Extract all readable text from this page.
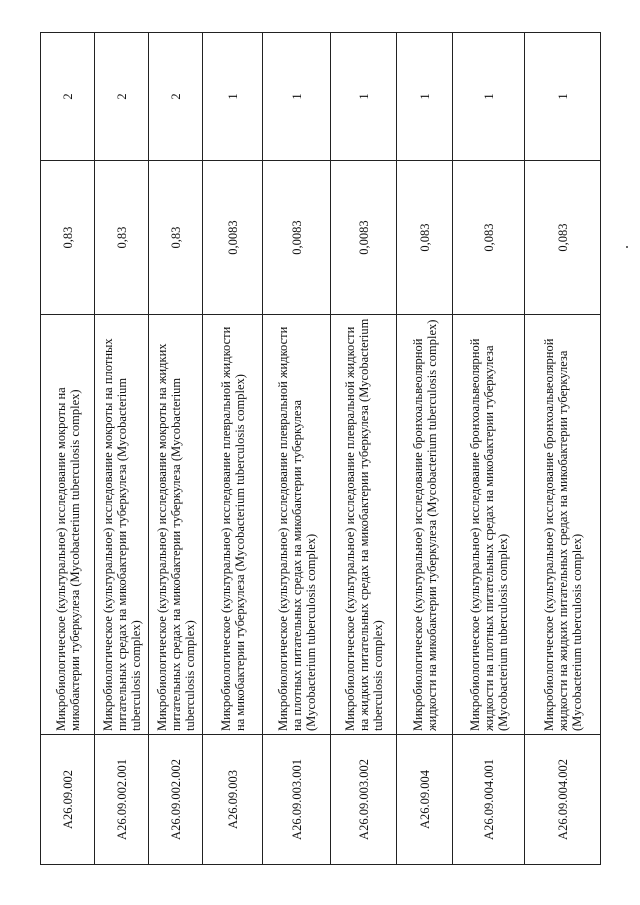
A26.09.002	Микробиологическое (культуральное) исследование мокроты на микобактерии туберкулеза (Mycobacterium tuberculosis complex)	0,83	2
A26.09.002.001	Микробиологическое (культуральное) исследование мокроты на плотных питательных средах на микобактерии туберкулеза (Mycobacterium tuberculosis complex)	0,83	2
A26.09.002.002	Микробиологическое (культуральное) исследование мокроты на жидких питательных средах на микобактерии туберкулеза (Mycobacterium tuberculosis complex)	0,83	2
A26.09.003	Микробиологическое (культуральное) исследование плевральной жидкости на микобактерии туберкулеза (Mycobacterium tuberculosis complex)	0,0083	1
A26.09.003.001	Микробиологическое (культуральное) исследование плевральной жидкости на плотных питательных средах на микобактерии туберкулеза (Mycobacterium tuberculosis complex)	0,0083	1
A26.09.003.002	Микробиологическое (культуральное) исследование плевральной жидкости на жидких питательных средах на микобактерии туберкулеза (Mycobacterium tuberculosis complex)	0,0083	1
A26.09.004	Микробиологическое (культуральное) исследование бронхоальвеолярной жидкости на микобактерии туберкулеза (Mycobacterium tuberculosis complex)	0,083	1
A26.09.004.001	Микробиологическое (культуральное) исследование бронхоальвеолярной жидкости на плотных питательных средах на микобактерии туберкулеза (Mycobacterium tuberculosis complex)	0,083	1
A26.09.004.002	Микробиологическое (культуральное) исследование бронхоальвеолярной жидкости на жидких питательных средах на микобактерии туберкулеза (Mycobacterium tuberculosis complex)	0,083	1
